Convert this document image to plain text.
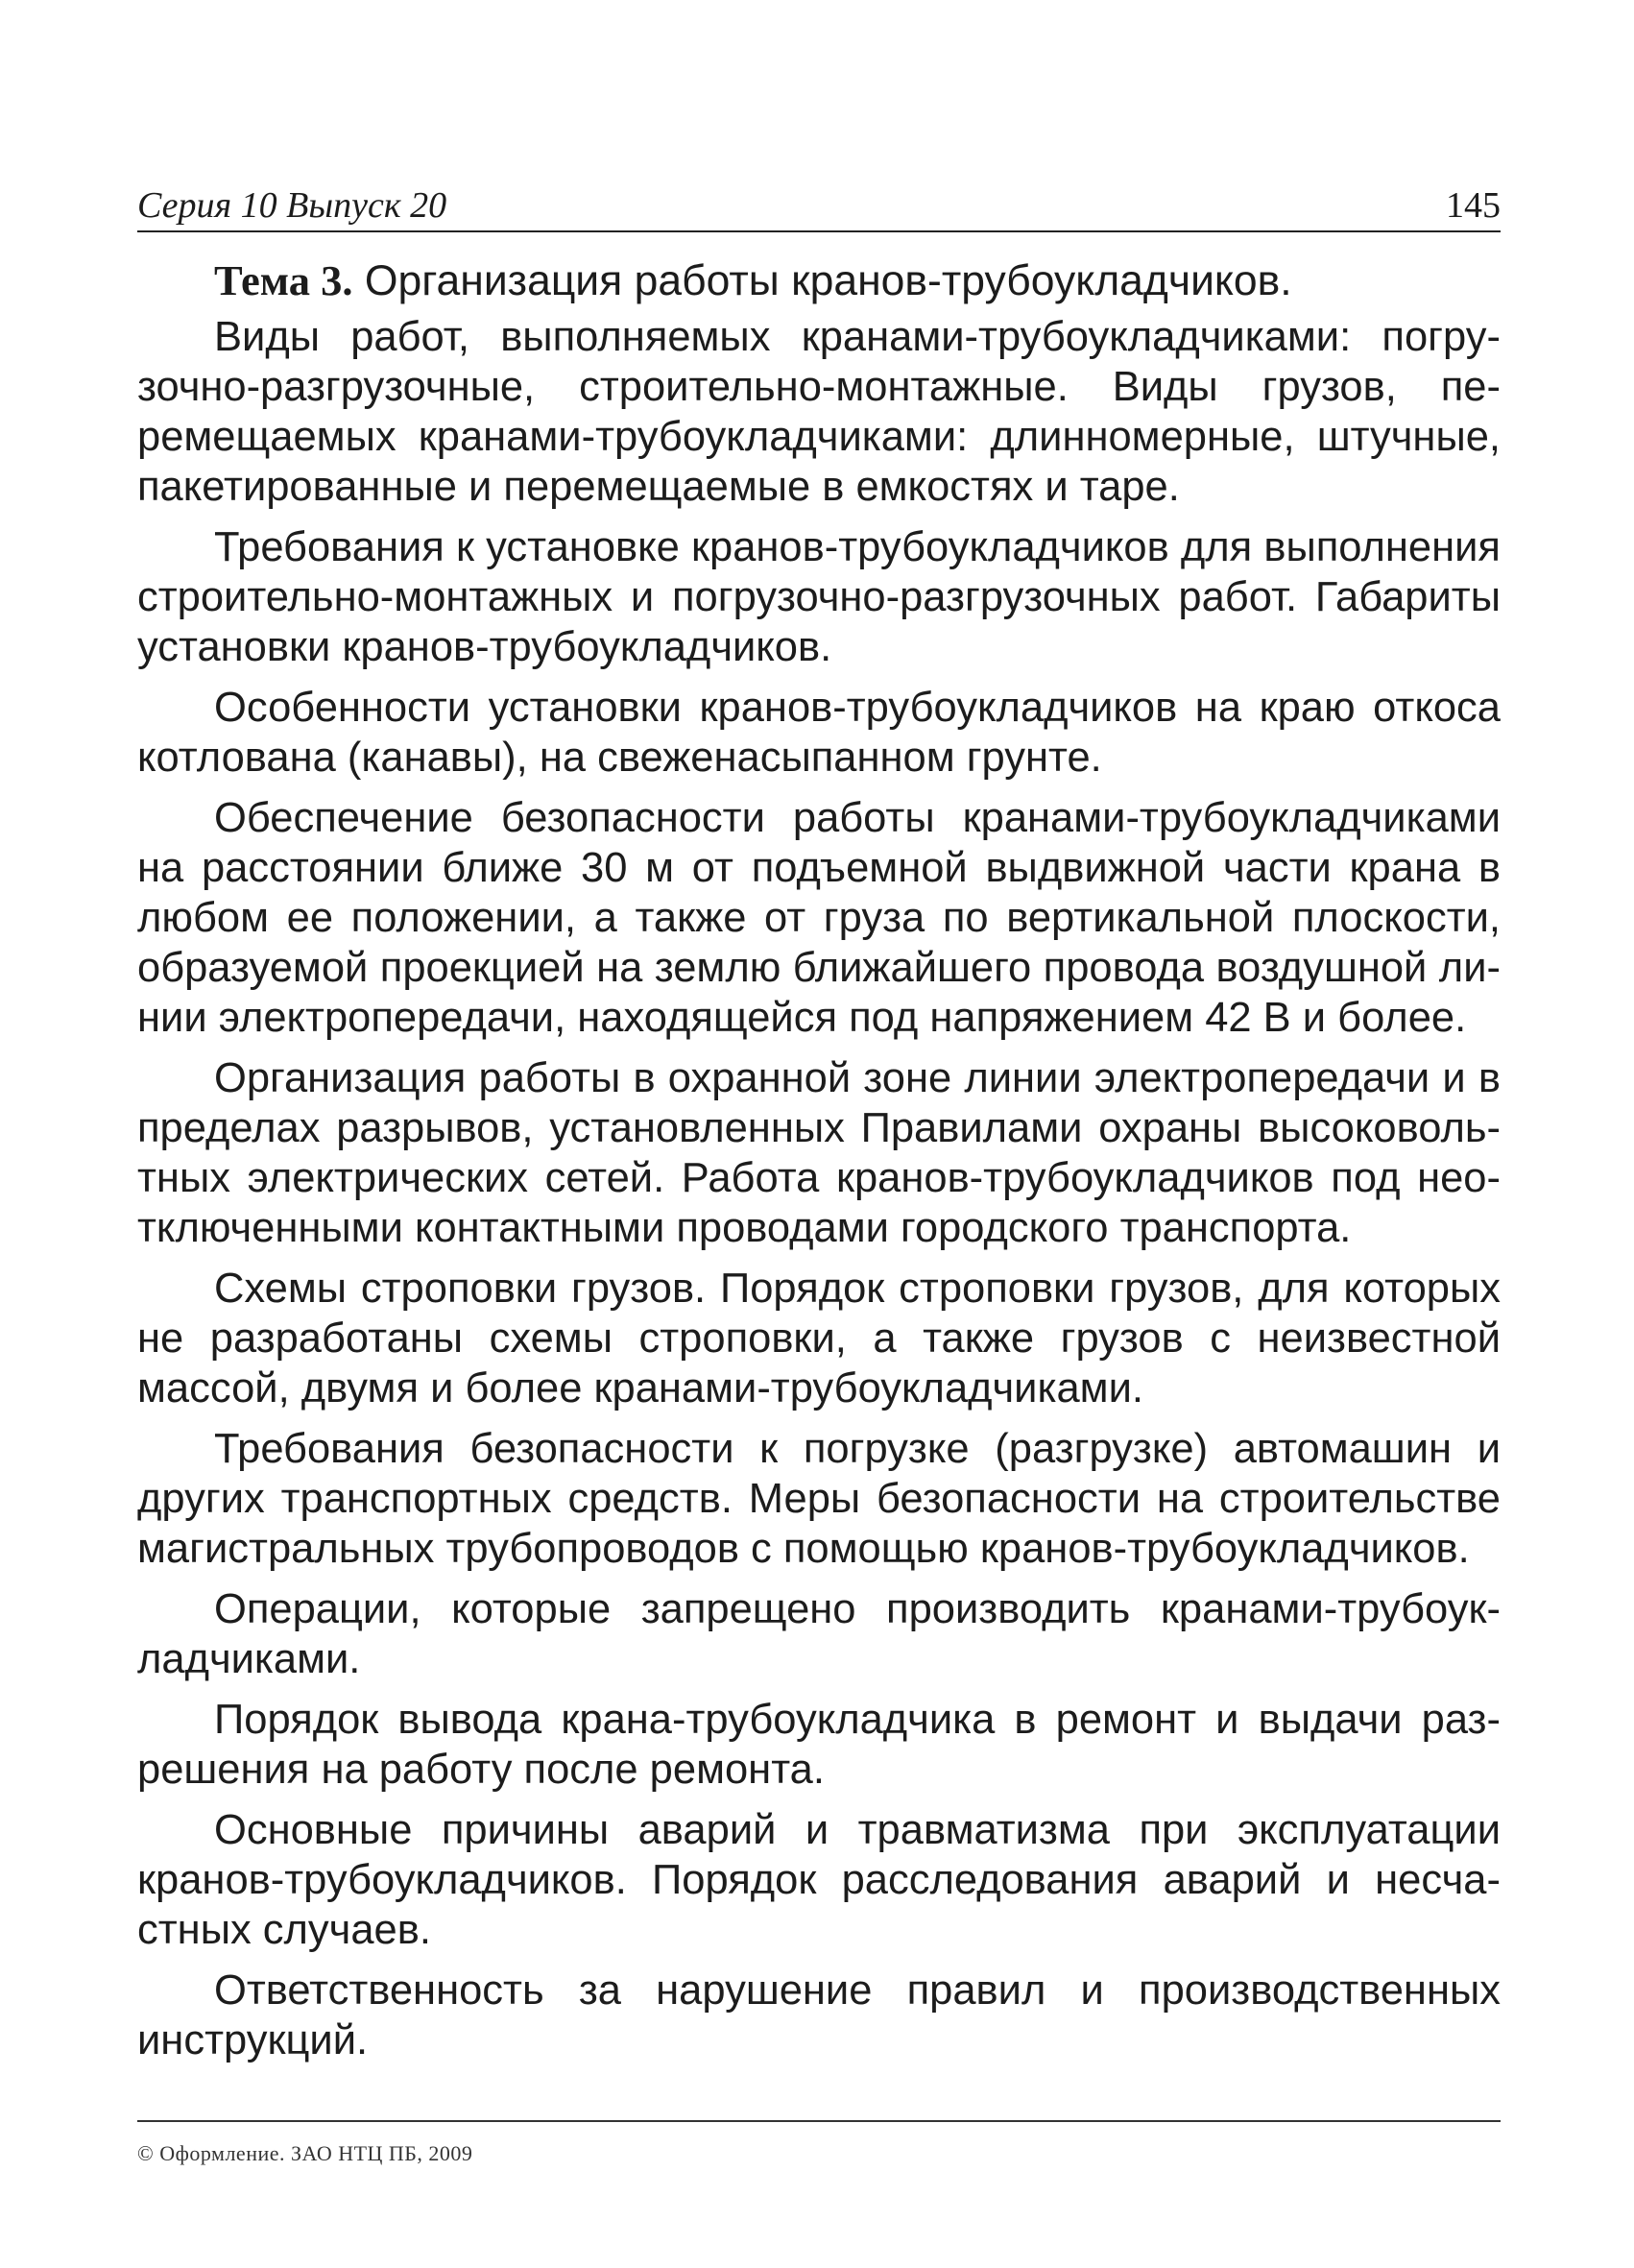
Серия 10 Выпуск 20	145
Тема 3. Организация работы кранов-трубоукладчиков.

Виды работ, выполняемых кранами-трубоукладчиками: погрузочно-разгрузочные, строительно-монтажные. Виды грузов, перемещаемых кранами-трубоукладчиками: длинномерные, штучные, пакетированные и перемещаемые в емкостях и таре.

Требования к установке кранов-трубоукладчиков для выполнения строительно-монтажных и погрузочно-разгрузочных работ. Габариты установки кранов-трубоукладчиков.

Особенности установки кранов-трубоукладчиков на краю откоса котлована (канавы), на свеженасыпанном грунте.

Обеспечение безопасности работы кранами-трубоукладчиками на расстоянии ближе 30 м от подъемной выдвижной части крана в любом ее положении, а также от груза по вертикальной плоскости, образуемой проекцией на землю ближайшего провода воздушной линии электропередачи, находящейся под напряжением 42 В и более.

Организация работы в охранной зоне линии электропередачи и в пределах разрывов, установленных Правилами охраны высоковольтных электрических сетей. Работа кранов-трубоукладчиков под неотключенными контактными проводами городского транспорта.

Схемы строповки грузов. Порядок строповки грузов, для которых не разработаны схемы строповки, а также грузов с неизвестной массой, двумя и более кранами-трубоукладчиками.

Требования безопасности к погрузке (разгрузке) автомашин и других транспортных средств. Меры безопасности на строительстве магистральных трубопроводов с помощью кранов-трубоукладчиков.

Операции, которые запрещено производить кранами-трубоукладчиками.

Порядок вывода крана-трубоукладчика в ремонт и выдачи разрешения на работу после ремонта.

Основные причины аварий и травматизма при эксплуатации кранов-трубоукладчиков. Порядок расследования аварий и несчастных случаев.

Ответственность за нарушение правил и производственных инструкций.

© Оформление. ЗАО НТЦ ПБ, 2009
